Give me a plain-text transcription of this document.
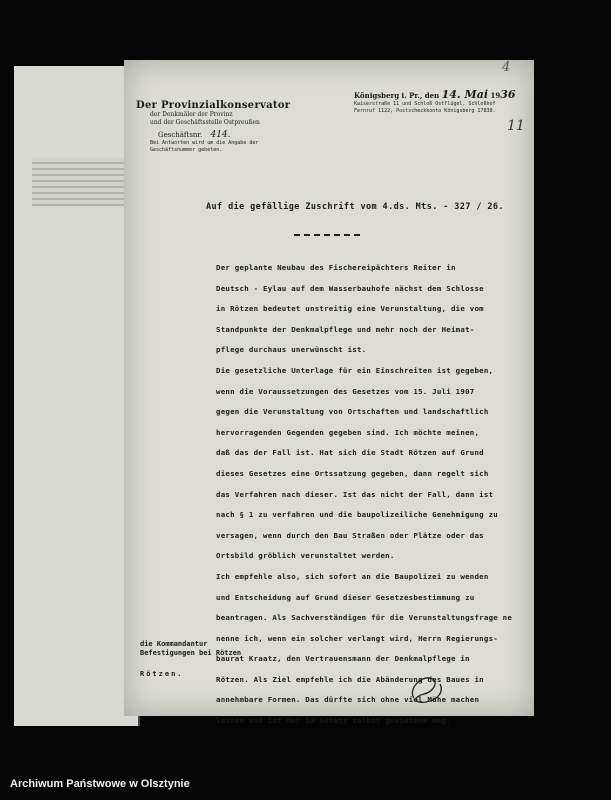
4
Der Provinzialkonservator
der Denkmäler der Provinz
und der Geschäftsstelle Ostpreußen
Geschäftsnr. 414.
Bei Antworten wird um die Angabe der
Geschäftsnummer gebeten.
Königsberg i. Pr., den 14. Mai 1936
Kaiserstraße 11 und Schloß Ostflügel, Schloßhof
Fernruf 1122, Postscheckkonto Königsberg 17830.
11
Auf die gefällige Zuschrift vom 4.ds. Mts. - 327 / 26.
Der geplante Neubau des Fischereipächters Reiter in
Deutsch - Eylau auf dem Wasserbauhofe nächst dem Schlosse
in Rötzen bedeutet unstreitig eine Verunstaltung, die vom
Standpunkte der Denkmalpflege und mehr noch der Heimat-
pflege durchaus unerwünscht ist.
Die gesetzliche Unterlage für ein Einschreiten ist gegeben,
wenn die Voraussetzungen des Gesetzes vom 15. Juli 1907
gegen die Verunstaltung von Ortschaften und landschaftlich
hervorragenden Gegenden gegeben sind. Ich möchte meinen,
daß das der Fall ist. Hat sich die Stadt Rötzen auf Grund
dieses Gesetzes eine Ortssatzung gegeben, dann regelt sich
das Verfahren nach dieser. Ist das nicht der Fall, dann ist
nach § 1 zu verfahren und die baupolizeiliche Genehmigung zu
versagen, wenn durch den Bau Straßen oder Plätze oder das
Ortsbild gröblich verunstaltet werden.
Ich empfehle also, sich sofort an die Baupolizei zu wenden
und Entscheidung auf Grund dieser Gesetzesbestimmung zu
beantragen. Als Sachverständigen für die Verunstaltungsfrage ne
nenne ich, wenn ein solcher verlangt wird, Herrn Regierungs-
baurat Kraatz, den Vertrauensmann der Denkmalpflege in
Rötzen. Als Ziel empfehle ich die Abänderung des Baues in
annehmbare Formen. Das dürfte sich ohne viel Mühe machen
lassen und ist der im Gesetz selbst gewiesene Weg.
die Kommandantur
Befestigungen bei Rötzen
Rötzen.
Archiwum Państwowe w Olsztynie
